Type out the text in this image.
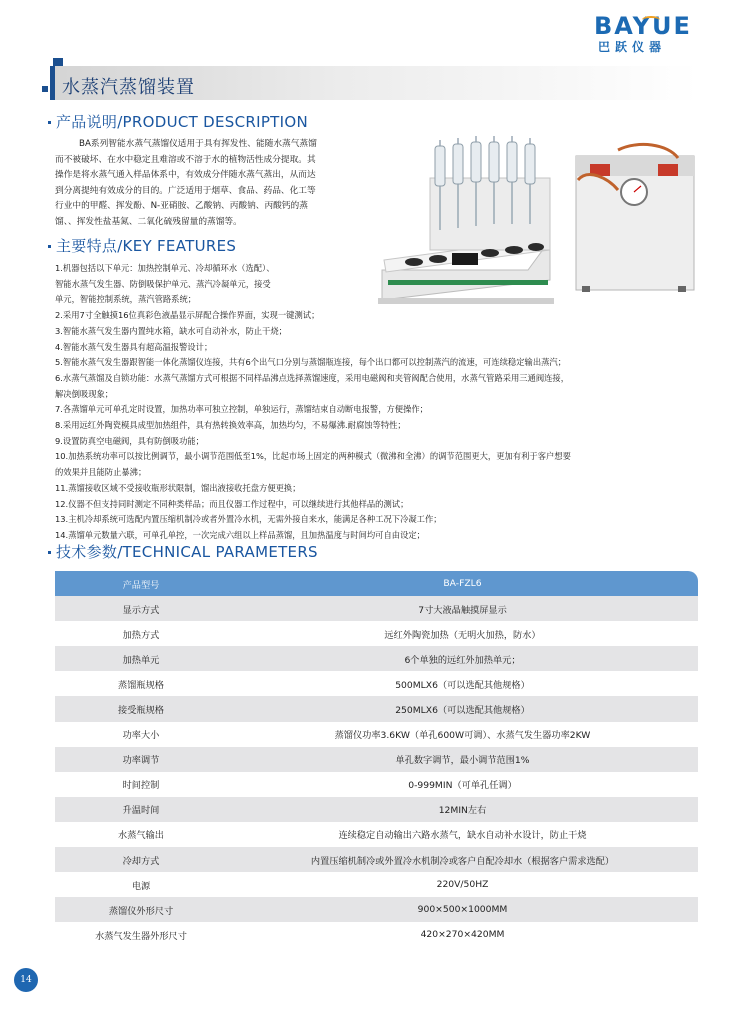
BAYUE
巴跃仪器
水蒸汽蒸馏装置
产品说明/PRODUCT DESCRIPTION
BA系列智能水蒸气蒸馏仪适用于具有挥发性、能随水蒸气蒸馏
而不被破坏、在水中稳定且难溶或不溶于水的植物活性成分提取。其
操作是将水蒸气通入样品体系中，有效成分伴随水蒸气蒸出，从而达
到分离提纯有效成分的目的。广泛适用于烟草、食品、药品、化工等
行业中的甲醛、挥发酚、N-亚硝胺、乙酸钠、丙酸钠、丙酸钙的蒸
馏、、挥发性盐基氮、二氧化硫残留量的蒸馏等。
主要特点/KEY FEATURES
1.机器包括以下单元：加热控制单元、冷却循环水（选配）、
智能水蒸气发生器、防倒吸保护单元、蒸汽冷凝单元，接受
单元，智能控制系统，蒸汽管路系统；
2.采用7寸全触摸16位真彩色液晶显示屏配合操作界面，实现一键测试；
3.智能水蒸气发生器内置纯水箱，缺水可自动补水，防止干烧；
4.智能水蒸气发生器具有超高温报警设计；
5.智能水蒸气发生器跟智能一体化蒸馏仪连接，共有6个出气口分别与蒸馏瓶连接，每个出口都可以控制蒸汽的流速，可连续稳定输出蒸汽；
6.水蒸气蒸馏及自锁功能：水蒸气蒸馏方式可根据不同样品沸点选择蒸馏速度，采用电磁阀和夹管阀配合使用，水蒸气管路采用三通阀连接，
解决倒吸现象；
7.各蒸馏单元可单孔定时设置，加热功率可独立控制，单独运行，蒸馏结束自动断电报警，方便操作；
8.采用远红外陶瓷模具成型加热组件，具有热转换效率高，加热均匀，不易爆沸.耐腐蚀等特性；
9.设置防真空电磁阀，具有防倒吸功能；
10.加热系统功率可以按比例调节，最小调节范围低至1%，比起市场上固定的两种模式（微沸和全沸）的调节范围更大，更加有利于客户想要
的效果并且能防止暴沸；
11.蒸馏接收区域不受接收瓶形状限制，馏出液接收托盘方便更换；
12.仪器不但支持同时测定不同种类样品；而且仪器工作过程中，可以继续进行其他样品的测试；
13.主机冷却系统可选配内置压缩机制冷或者外置冷水机，无需外接自来水，能满足各种工况下冷凝工作；
14.蒸馏单元数量六联，可单孔单控，一次完成六组以上样品蒸馏，且加热温度与时间均可自由设定；
技术参数/TECHNICAL PARAMETERS
产品型号	BA-FZL6
显示方式	7寸大液晶触摸屏显示
加热方式	远红外陶瓷加热（无明火加热，防水）
加热单元	6个单独的远红外加热单元；
蒸馏瓶规格	500MLX6（可以选配其他规格）
接受瓶规格	250MLX6（可以选配其他规格）
功率大小	蒸馏仪功率3.6KW（单孔600W可调）、水蒸气发生器功率2KW
功率调节	单孔数字调节，最小调节范围1%
时间控制	0-999MIN（可单孔任调）
升温时间	12MIN左右
水蒸气输出	连续稳定自动输出六路水蒸气，缺水自动补水设计，防止干烧
冷却方式	内置压缩机制冷或外置冷水机制冷或客户自配冷却水（根据客户需求选配）
电源	220V/50HZ
蒸馏仪外形尺寸	900×500×1000MM
水蒸气发生器外形尺寸	420×270×420MM
14
